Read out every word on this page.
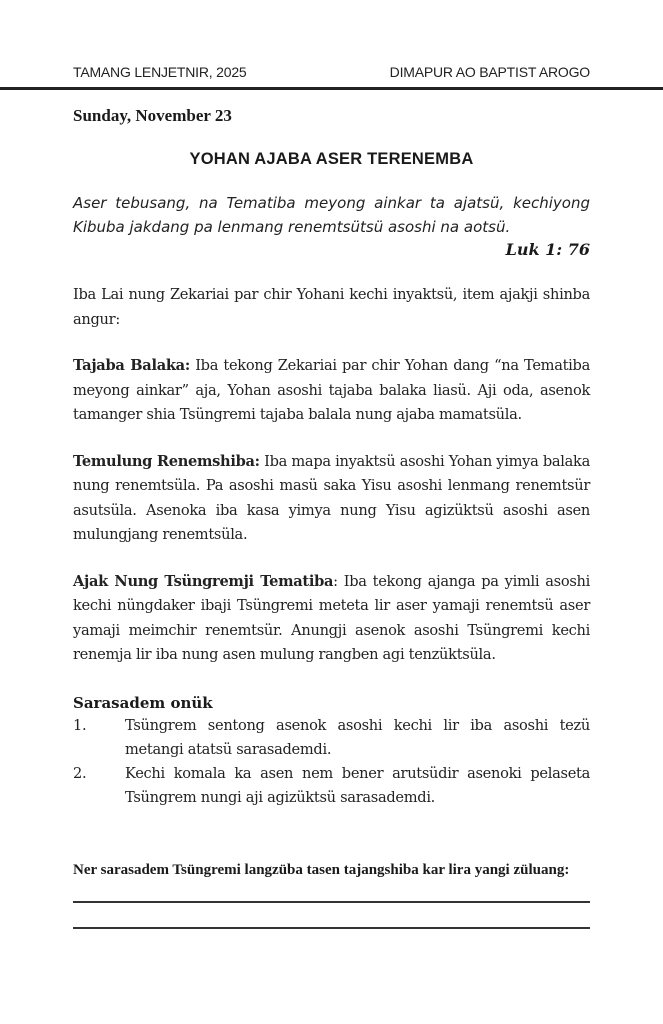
TAMANG LENJETNIR, 2025	DIMAPUR AO BAPTIST AROGO

Sunday, November 23

YOHAN AJABA ASER TERENEMBA

Aser tebusang, na Tematiba meyong ainkar ta ajatsü, kechiyong Kibuba jakdang pa lenmang renemtsütsü asoshi na aotsü.

Luk 1: 76

Iba Lai nung Zekariai par chir Yohani kechi inyaktsü, item ajakji shinba angur:

Tajaba Balaka: Iba tekong Zekariai par chir Yohan dang “na Tematiba meyong ainkar” aja, Yohan asoshi tajaba balaka liasü. Aji oda, asenok tamanger shia Tsüngremi tajaba balala nung ajaba mamatsüla.

Temulung Renemshiba: Iba mapa inyaktsü asoshi Yohan yimya balaka nung renemtsüla. Pa asoshi masü saka Yisu asoshi lenmang renemtsür asutsüla. Asenoka iba kasa yimya nung Yisu agizüktsü asoshi asen mulungjang renemtsüla.

Ajak Nung Tsüngremji Tematiba: Iba tekong ajanga pa yimli asoshi kechi nüngdaker ibaji Tsüngremi meteta lir aser yamaji renemtsü aser yamaji meimchir renemtsür. Anungji asenok asoshi Tsüngremi kechi renemja lir iba nung asen mulung rangben agi tenzüktsüla.

Sarasadem onük

1.	Tsüngrem sentong asenok asoshi kechi lir iba asoshi tezü metangi atatsü sarasademdi.
2.	Kechi komala ka asen nem bener arutsüdir asenoki pelaseta Tsüngrem nungi aji agizüktsü sarasademdi.

Ner sarasadem Tsüngremi langzüba tasen tajangshiba kar lira yangi züluang:
